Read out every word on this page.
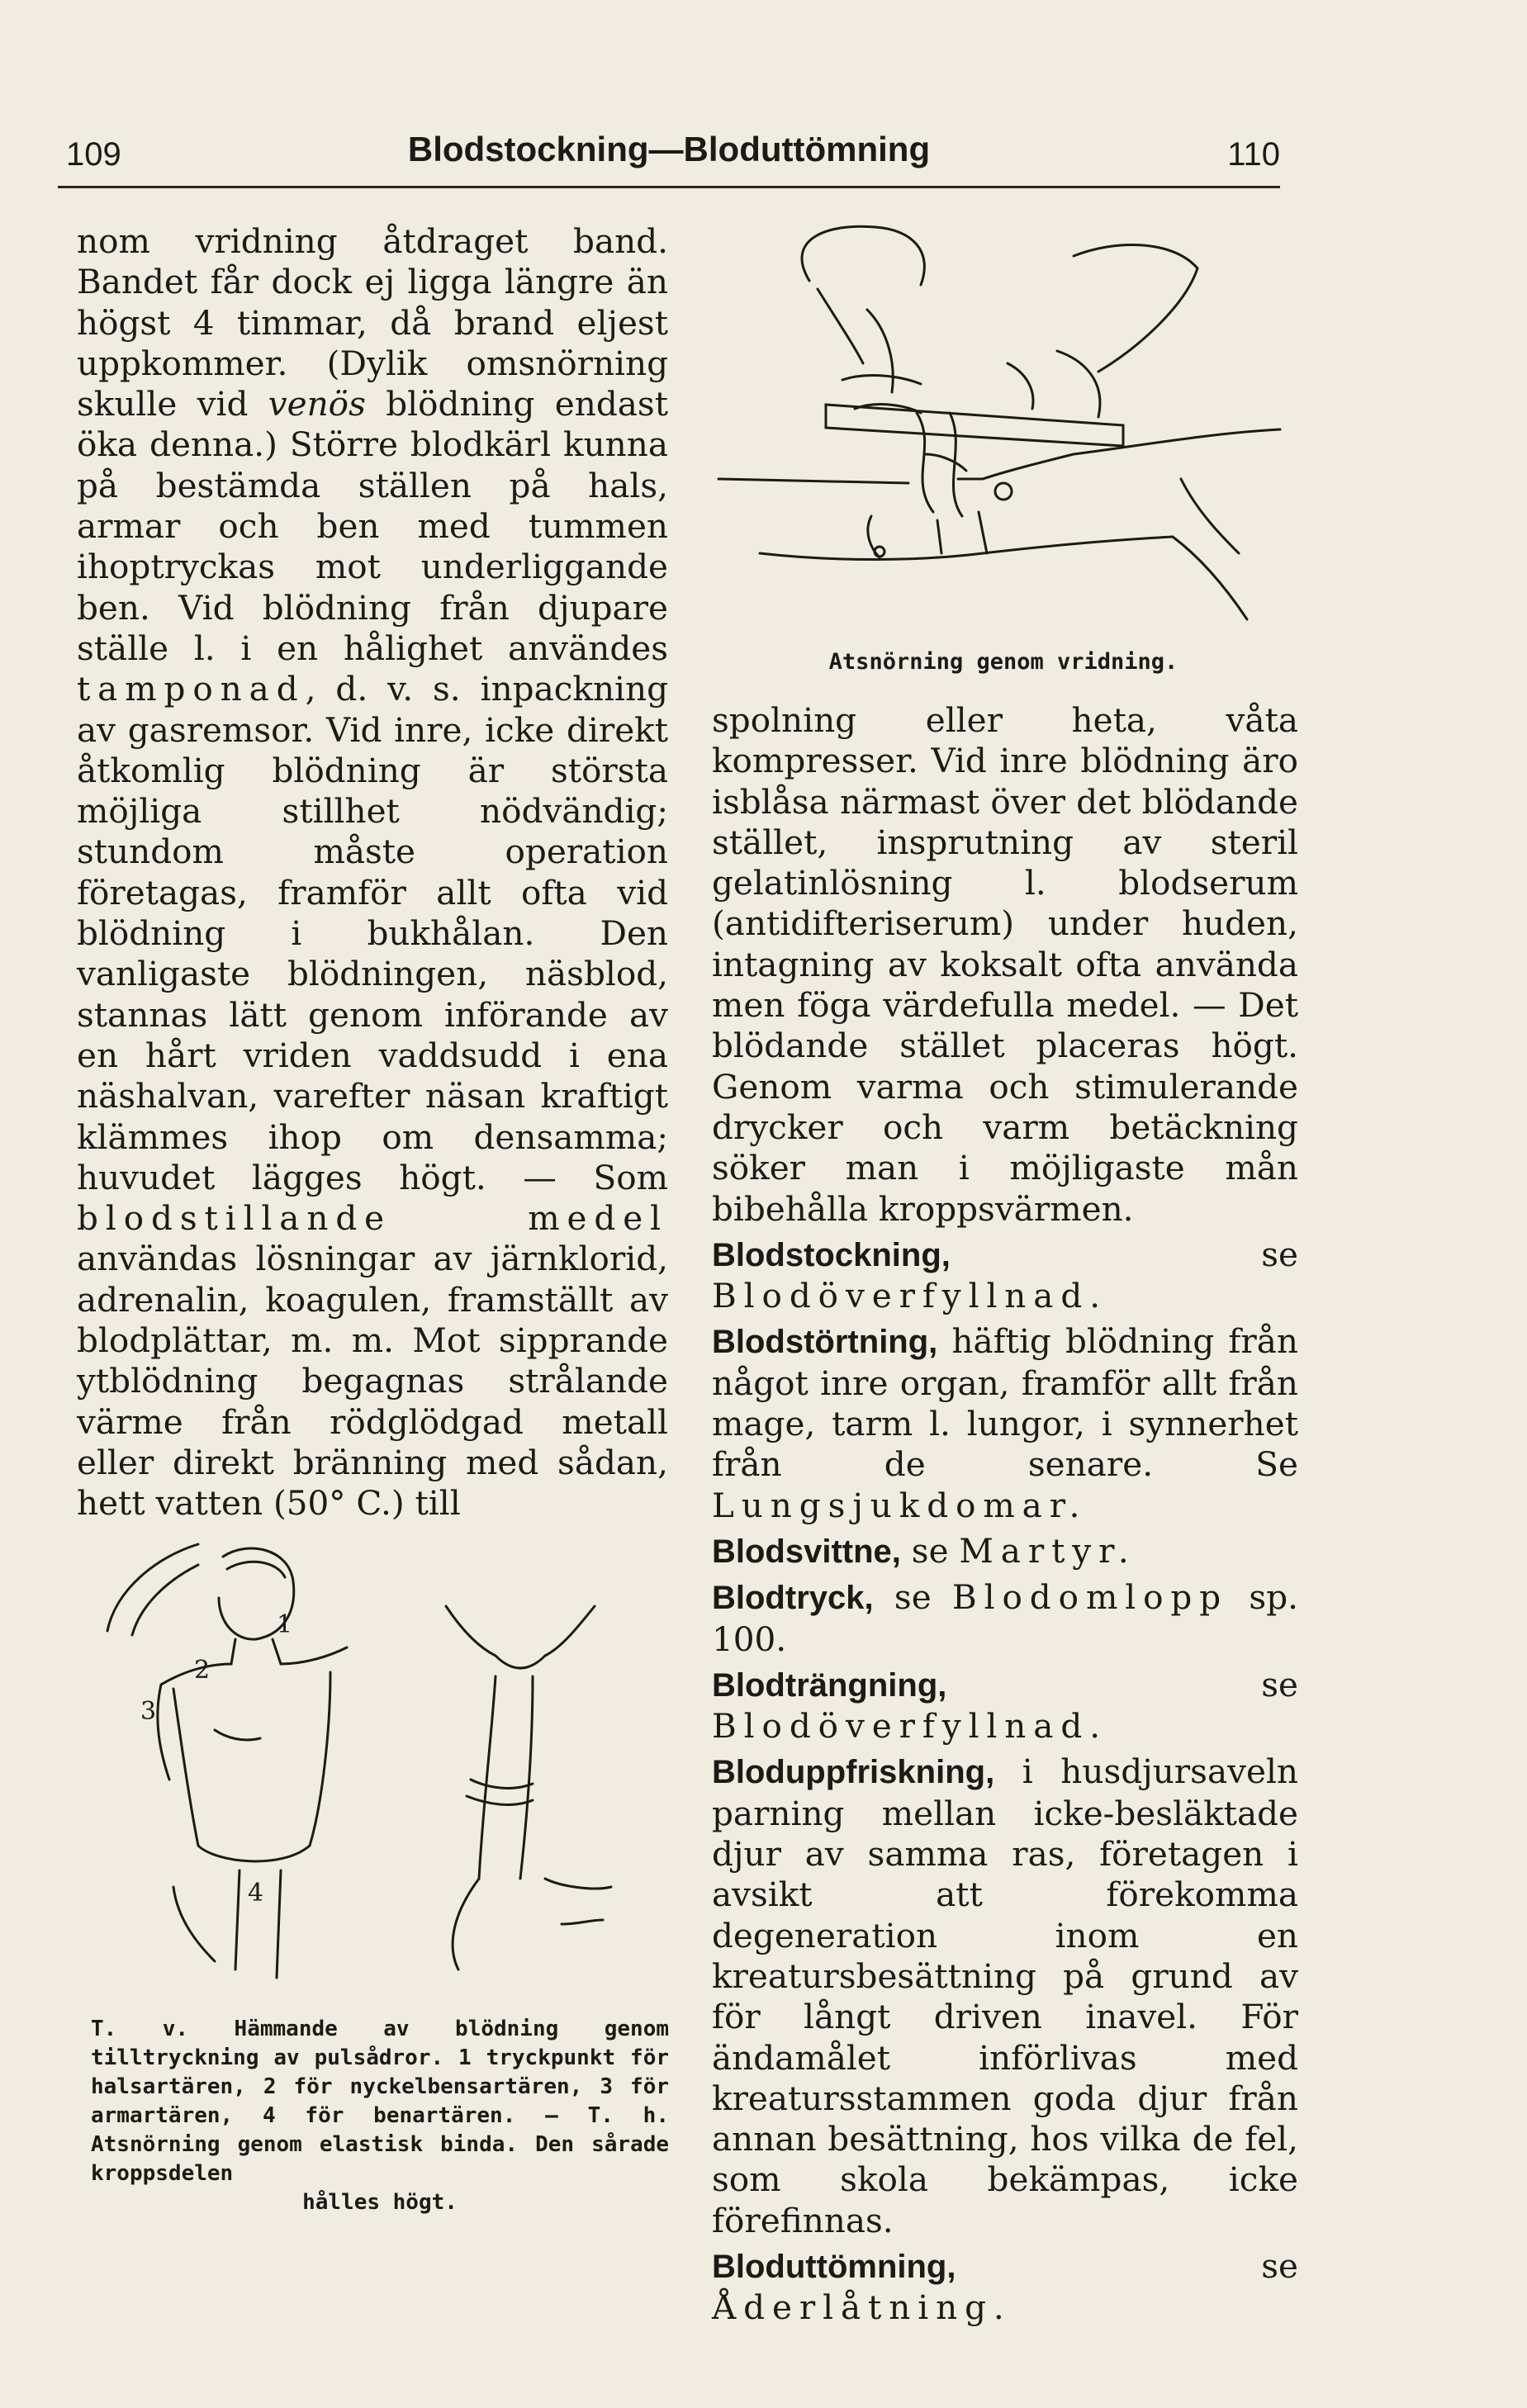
109	Blodstockning—Bloduttömning	110

nom vridning åtdraget band. Bandet får dock ej ligga längre än högst 4 timmar, då brand eljest uppkommer. (Dylik omsnörning skulle vid venös blödning endast öka denna.) Större blodkärl kunna på bestämda ställen på hals, armar och ben med tummen ihoptryckas mot underliggande ben. Vid blödning från djupare ställe l. i en hålighet användes tamponad, d. v. s. inpackning av gasremsor. Vid inre, icke direkt åtkomlig blödning är största möjliga stillhet nödvändig; stundom måste operation företagas, framför allt ofta vid blödning i bukhålan. Den vanligaste blödningen, näsblod, stannas lätt genom införande av en hårt vriden vaddsudd i ena näshalvan, varefter näsan kraftigt klämmes ihop om densamma; huvudet lägges högt. — Som blodstillande medel användas lösningar av järnklorid, adrenalin, koagulen, framställt av blodplättar, m. m. Mot sipprande ytblödning begagnas strålande värme från rödglödgad metall eller direkt bränning med sådan, hett vatten (50° C.) till

Atsnörning genom vridning.
1
2
3
4
T. v. Hämmande av blödning genom tilltryckning av pulsådror. 1 tryckpunkt för halsartären, 2 för nyckelbensartären, 3 för armartären, 4 för benartären. — T. h. Atsnörning genom elastisk binda. Den sårade kroppsdelen
hålles högt.

spolning eller heta, våta kompresser. Vid inre blödning äro isblåsa närmast över det blödande stället, insprutning av steril gelatinlösning l. blodserum (antidifteriserum) under huden, intagning av koksalt ofta använda men föga värdefulla medel. — Det blödande stället placeras högt. Genom varma och stimulerande drycker och varm betäckning söker man i möjligaste mån bibehålla kroppsvärmen.

Blodstockning, se Blodöverfyllnad.

Blodstörtning, häftig blödning från något inre organ, framför allt från mage, tarm l. lungor, i synnerhet från de senare. Se Lungsjukdomar.

Blodsvittne, se Martyr.

Blodtryck, se Blodomlopp sp. 100.

Blodträngning, se Blodöverfyllnad.

Bloduppfriskning, i husdjursaveln parning mellan icke-besläktade djur av samma ras, företagen i avsikt att förekomma degeneration inom en kreatursbesättning på grund av för långt driven inavel. För ändamålet införlivas med kreatursstammen goda djur från annan besättning, hos vilka de fel, som skola bekämpas, icke förefinnas.

Bloduttömning, se Åderlåtning.
